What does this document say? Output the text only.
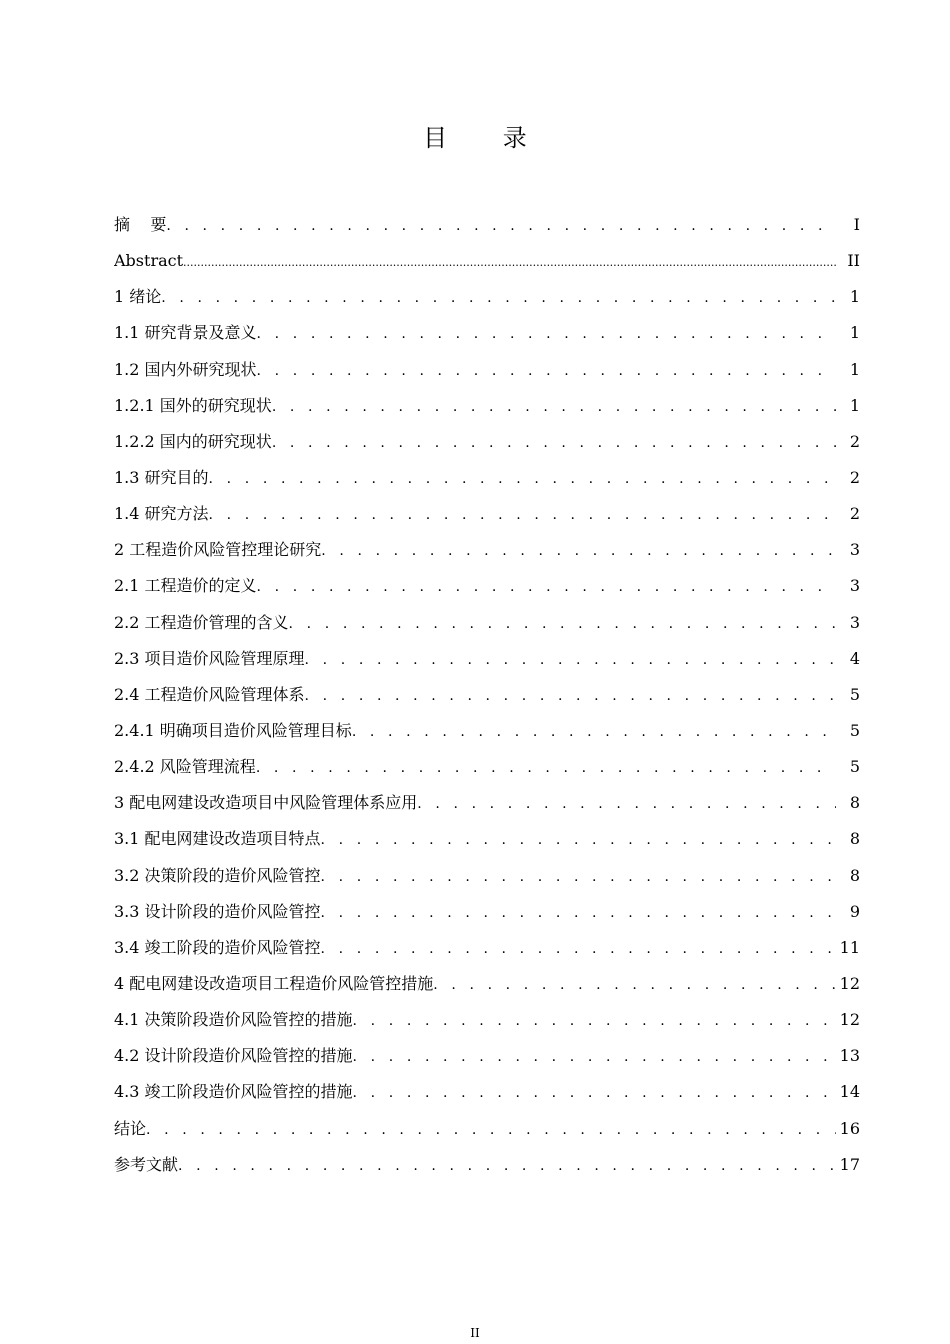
目 录
摘    要 . . .	I
Abstract .....	II
1 绪论 . . .	1
1.1 研究背景及意义 . . .	1
1.2 国内外研究现状 . . .	1
1.2.1 国外的研究现状 . . .	1
1.2.2 国内的研究现状 . . .	2
1.3 研究目的 . . .	2
1.4 研究方法 . . .	2
2 工程造价风险管控理论研究 . . .	3
2.1 工程造价的定义 . . .	3
2.2 工程造价管理的含义 . . .	3
2.3 项目造价风险管理原理 . . .	4
2.4 工程造价风险管理体系 . . .	5
2.4.1 明确项目造价风险管理目标 . . .	5
2.4.2 风险管理流程 . . .	5
3 配电网建设改造项目中风险管理体系应用 . . .	8
3.1 配电网建设改造项目特点 . . .	8
3.2 决策阶段的造价风险管控 . . .	8
3.3 设计阶段的造价风险管控 . . .	9
3.4 竣工阶段的造价风险管控 . . .	11
4 配电网建设改造项目工程造价风险管控措施 . . .	12
4.1 决策阶段造价风险管控的措施 . . .	12
4.2 设计阶段造价风险管控的措施 . . .	13
4.3 竣工阶段造价风险管控的措施 . . .	14
结论 . . .	16
参考文献 . . .	17
II
